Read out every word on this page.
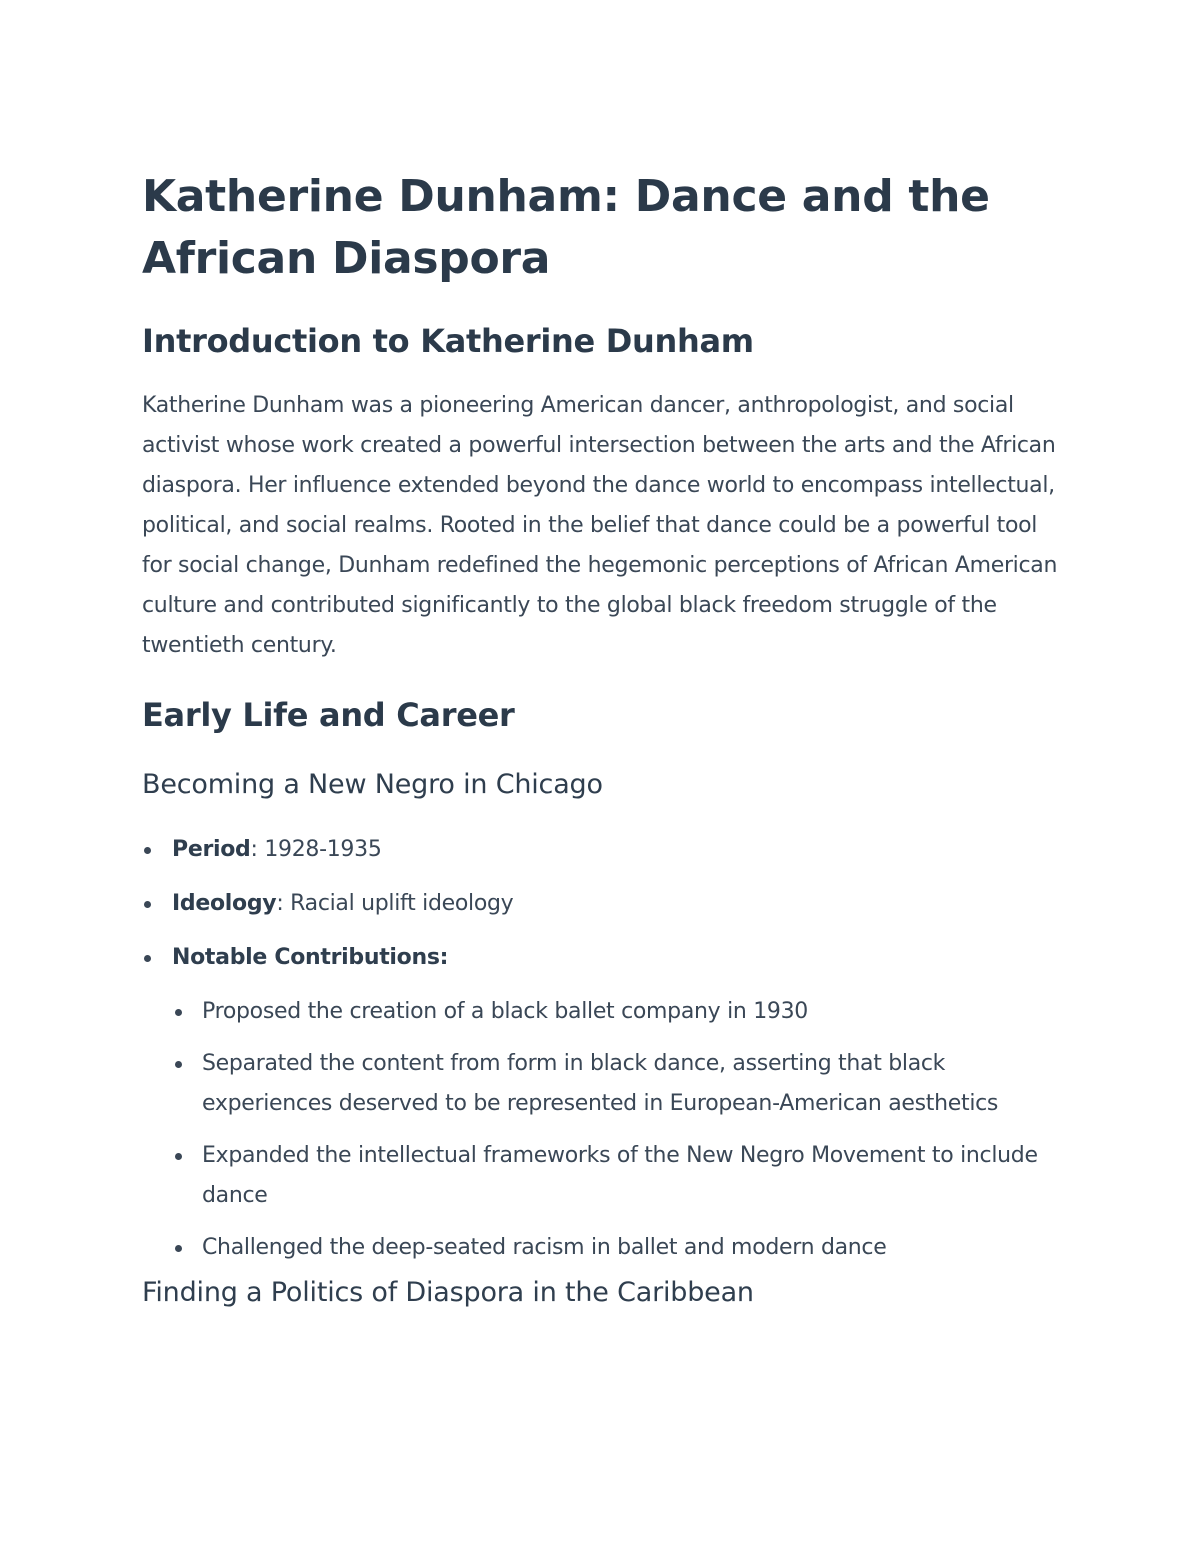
Katherine Dunham: Dance and the African Diaspora
Introduction to Katherine Dunham

Katherine Dunham was a pioneering American dancer, anthropologist, and social activist whose work created a powerful intersection between the arts and the African diaspora. Her influence extended beyond the dance world to encompass intellectual, political, and social realms. Rooted in the belief that dance could be a powerful tool for social change, Dunham redefined the hegemonic perceptions of African American culture and contributed significantly to the global black freedom struggle of the twentieth century.

Early Life and Career
Becoming a New Negro in Chicago
Period: 1928-1935
Ideology: Racial uplift ideology
Notable Contributions:
Proposed the creation of a black ballet company in 1930
Separated the content from form in black dance, asserting that black experiences deserved to be represented in European-American aesthetics
Expanded the intellectual frameworks of the New Negro Movement to include dance
Challenged the deep-seated racism in ballet and modern dance
Finding a Politics of Diaspora in the Caribbean
